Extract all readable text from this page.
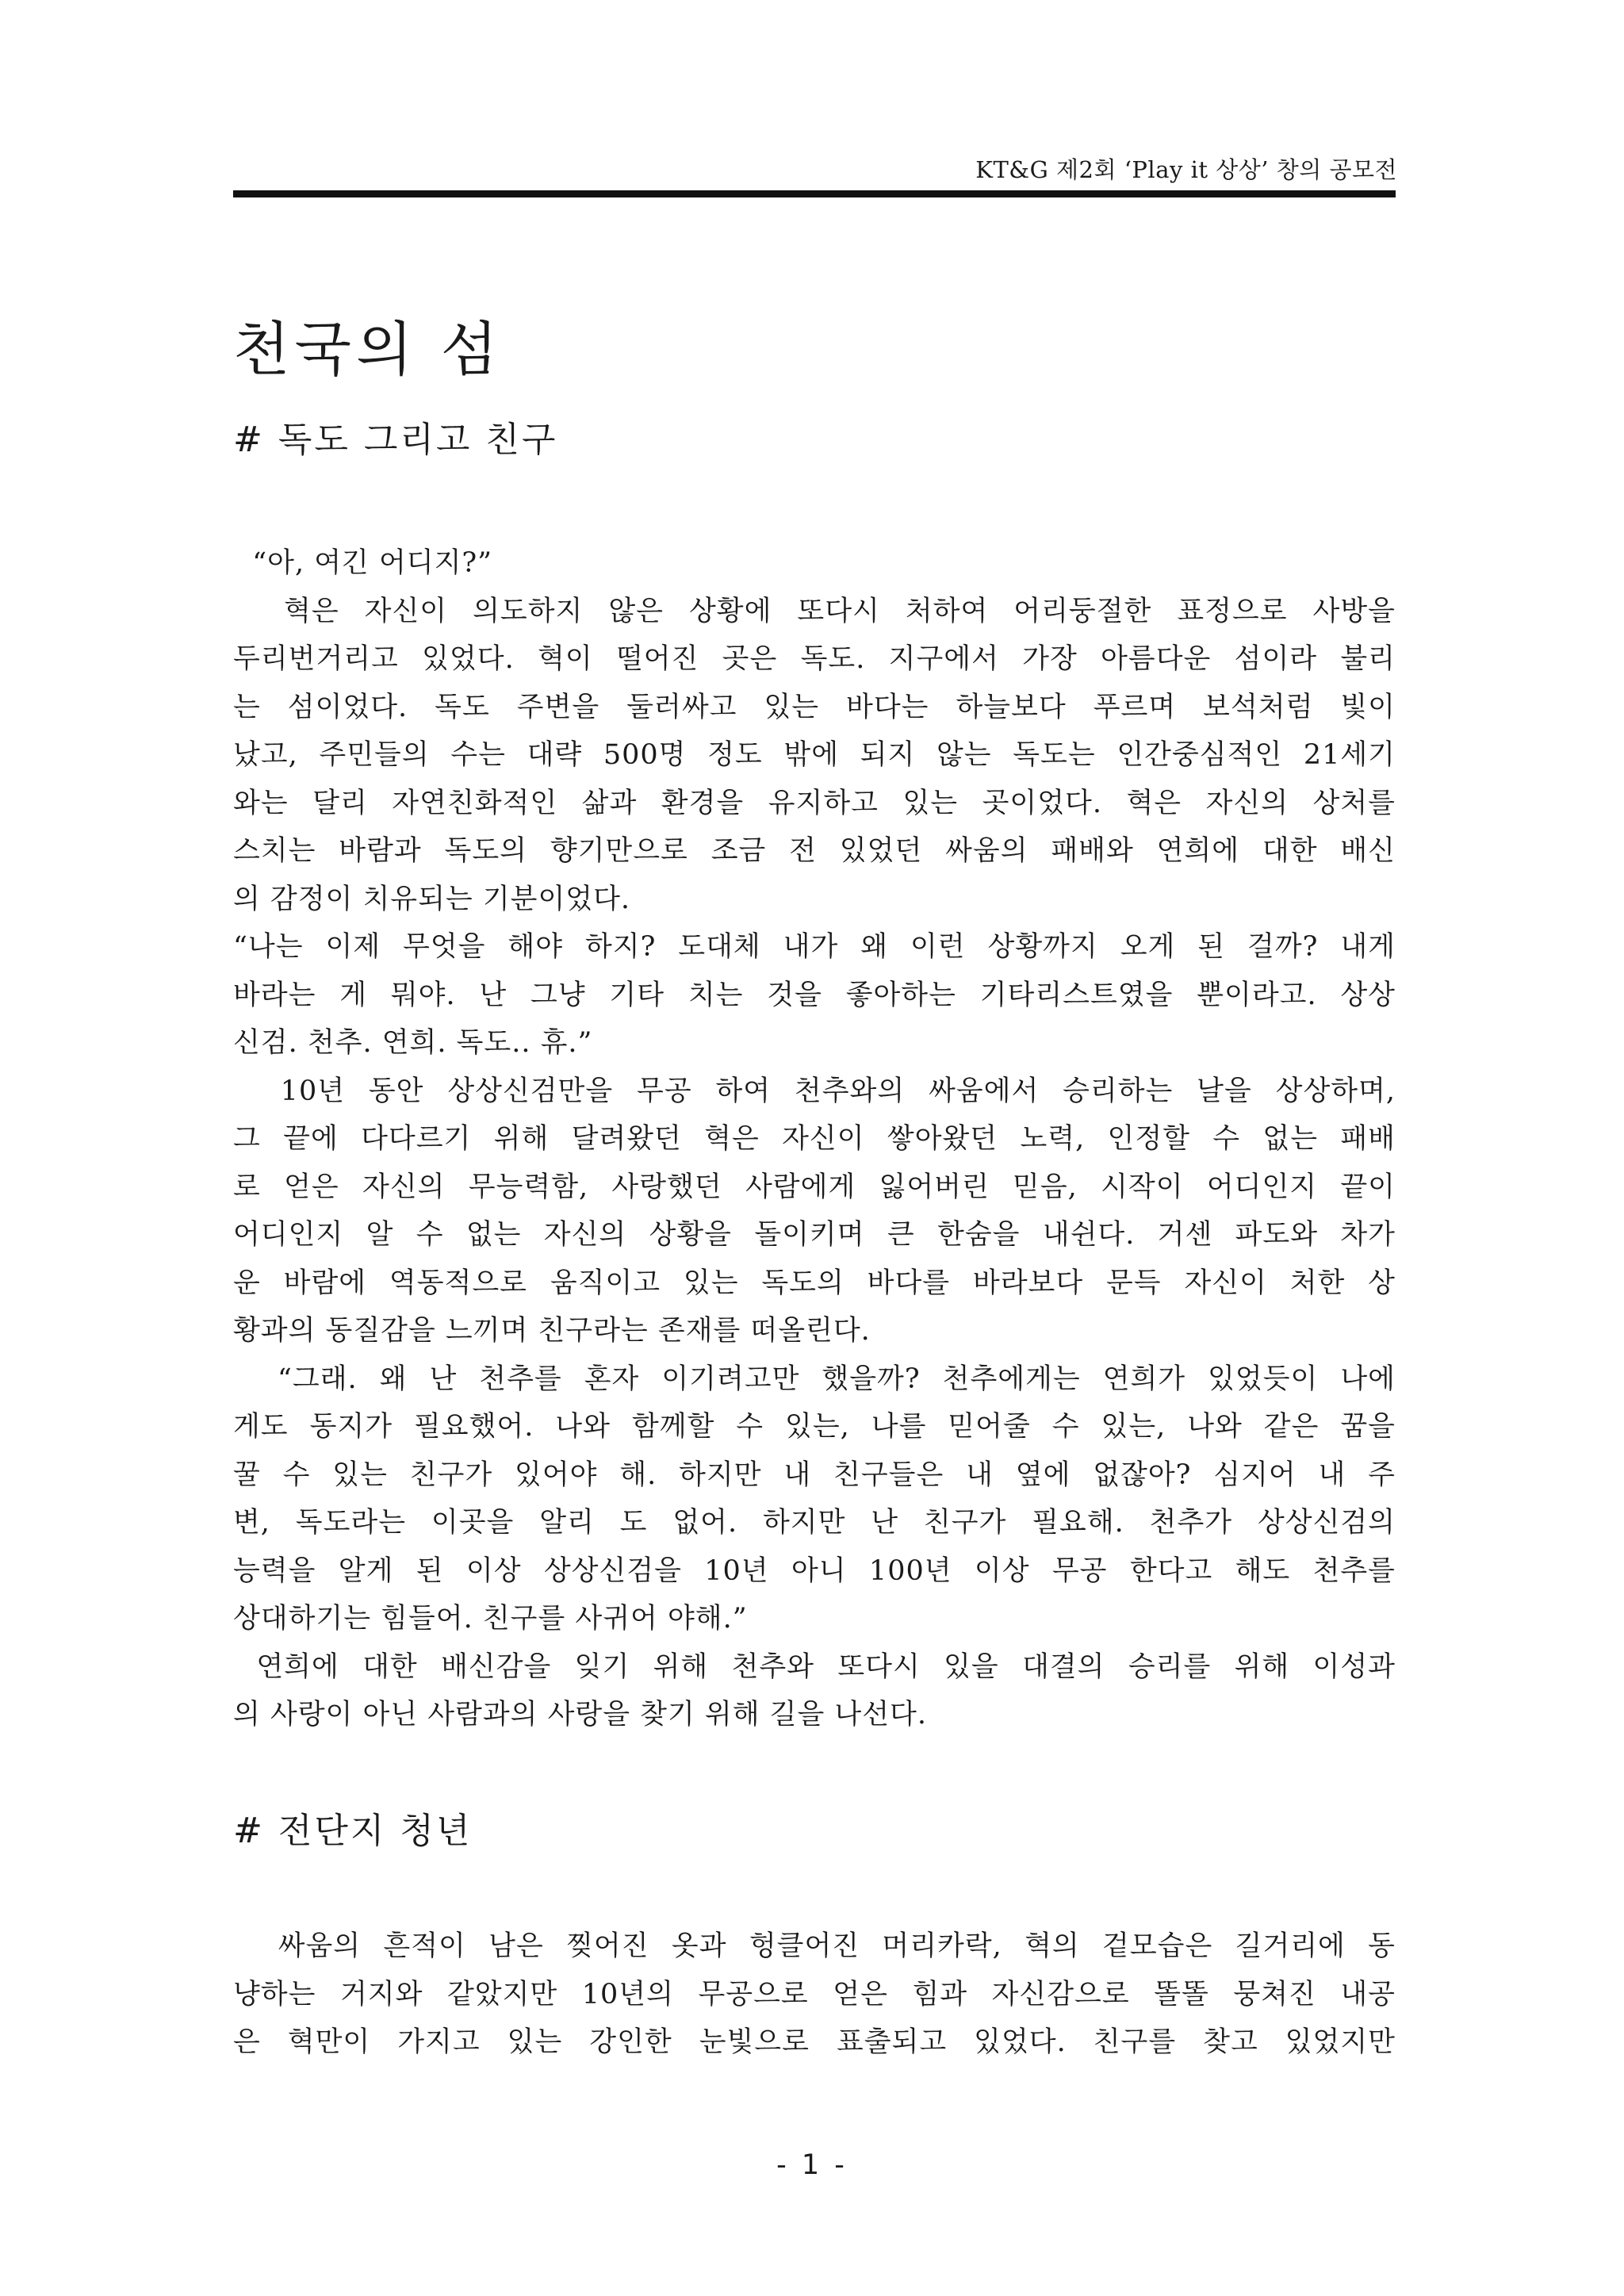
KT&G 제2회 ‘Play it 상상’ 창의 공모전
천국의 섬
# 독도 그리고 친구
“아, 여긴 어디지?”
혁은 자신이 의도하지 않은 상황에 또다시 처하여 어리둥절한 표정으로 사방을
두리번거리고 있었다. 혁이 떨어진 곳은 독도. 지구에서 가장 아름다운 섬이라 불리
는 섬이었다. 독도 주변을 둘러싸고 있는 바다는 하늘보다 푸르며 보석처럼 빛이
났고, 주민들의 수는 대략 500명 정도 밖에 되지 않는 독도는 인간중심적인 21세기
와는 달리 자연친화적인 삶과 환경을 유지하고 있는 곳이었다. 혁은 자신의 상처를
스치는 바람과 독도의 향기만으로 조금 전 있었던 싸움의 패배와 연희에 대한 배신
의 감정이 치유되는 기분이었다.
“나는 이제 무엇을 해야 하지? 도대체 내가 왜 이런 상황까지 오게 된 걸까? 내게
바라는 게 뭐야. 난 그냥 기타 치는 것을 좋아하는 기타리스트였을 뿐이라고. 상상
신검. 천추. 연희. 독도.. 휴.”
10년 동안 상상신검만을 무공 하여 천추와의 싸움에서 승리하는 날을 상상하며,
그 끝에 다다르기 위해 달려왔던 혁은 자신이 쌓아왔던 노력, 인정할 수 없는 패배
로 얻은 자신의 무능력함, 사랑했던 사람에게 잃어버린 믿음, 시작이 어디인지 끝이
어디인지 알 수 없는 자신의 상황을 돌이키며 큰 한숨을 내쉰다. 거센 파도와 차가
운 바람에 역동적으로 움직이고 있는 독도의 바다를 바라보다 문득 자신이 처한 상
황과의 동질감을 느끼며 친구라는 존재를 떠올린다.
“그래. 왜 난 천추를 혼자 이기려고만 했을까? 천추에게는 연희가 있었듯이 나에
게도 동지가 필요했어. 나와 함께할 수 있는, 나를 믿어줄 수 있는, 나와 같은 꿈을
꿀 수 있는 친구가 있어야 해. 하지만 내 친구들은 내 옆에 없잖아? 심지어 내 주
변, 독도라는 이곳을 알리 도 없어. 하지만 난 친구가 필요해. 천추가 상상신검의
능력을 알게 된 이상 상상신검을 10년 아니 100년 이상 무공 한다고 해도 천추를
상대하기는 힘들어. 친구를 사귀어 야해.”
연희에 대한 배신감을 잊기 위해 천추와 또다시 있을 대결의 승리를 위해 이성과
의 사랑이 아닌 사람과의 사랑을 찾기 위해 길을 나선다.
# 전단지 청년
싸움의 흔적이 남은 찢어진 옷과 헝클어진 머리카락, 혁의 겉모습은 길거리에 동
냥하는 거지와 같았지만 10년의 무공으로 얻은 힘과 자신감으로 똘똘 뭉쳐진 내공
은 혁만이 가지고 있는 강인한 눈빛으로 표출되고 있었다. 친구를 찾고 있었지만
- 1 -
